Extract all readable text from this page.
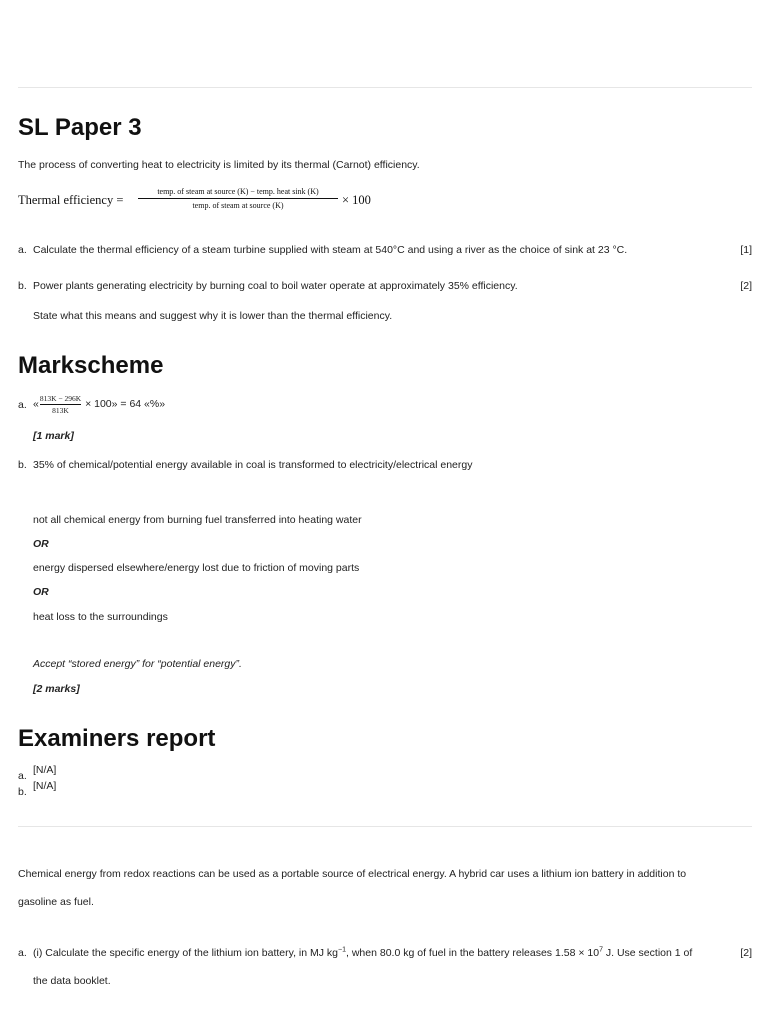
SL Paper 3
The process of converting heat to electricity is limited by its thermal (Carnot) efficiency.
Thermal efficiency =
temp. of steam at source (K) − temp. heat sink (K)
temp. of steam at source (K)	× 100
a. Calculate the thermal efficiency of a steam turbine supplied with steam at 540°C and using a river as the choice of sink at 23 °C.	[1]
b. Power plants generating electricity by burning coal to boil water operate at approximately 35% efficiency.	[2]
State what this means and suggest why it is lower than the thermal efficiency.
Markscheme
a. « $\frac{813K - 296K}{813K} \times 100$» = 64 «%»
[1 mark]
b. 35% of chemical/potential energy available in coal is transformed to electricity/electrical energy
not all chemical energy from burning fuel transferred into heating water
OR
energy dispersed elsewhere/energy lost due to friction of moving parts
OR
heat loss to the surroundings
Accept “stored energy” for “potential energy”.
[2 marks]
Examiners report
a. [N/A]
b. [N/A]
Chemical energy from redox reactions can be used as a portable source of electrical energy. A hybrid car uses a lithium ion battery in addition to
gasoline as fuel.
a. (i) Calculate the specific energy of the lithium ion battery, in MJ $kg^{-1}$, when 80.0 kg of fuel in the battery releases $1.58 \times 10^7$ J. Use section 1 of	[2]
the data booklet.
